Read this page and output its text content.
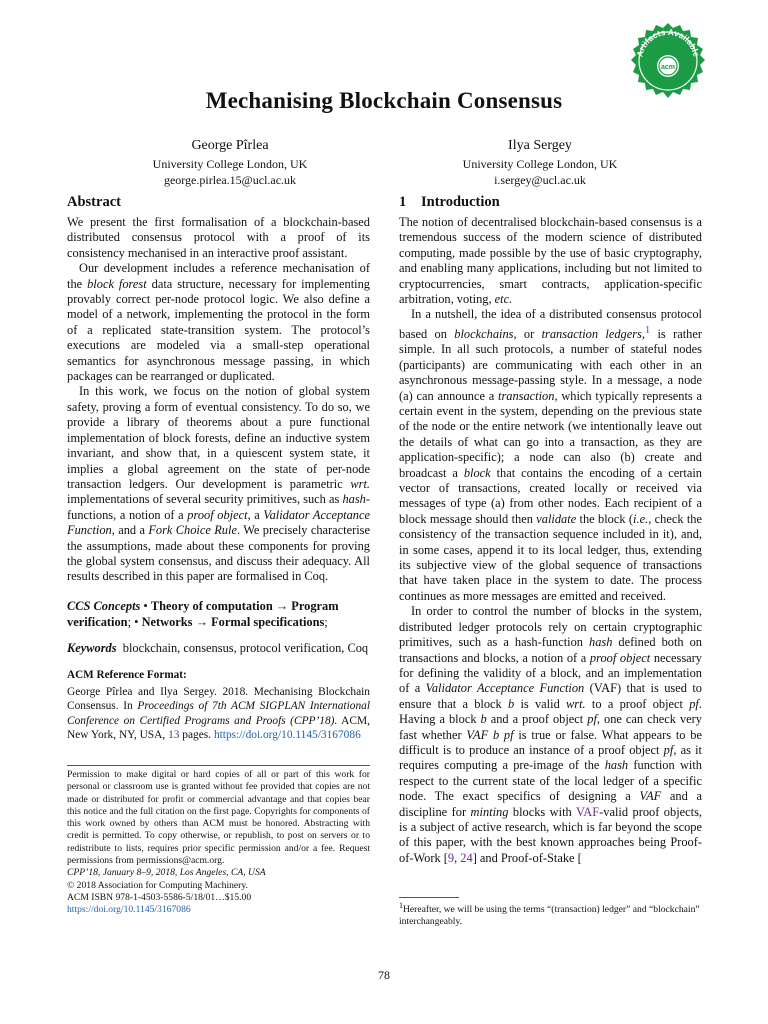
Mechanising Blockchain Consensus
Artifacts Available
acm
George Pîrlea
University College London, UK
george.pirlea.15@ucl.ac.uk
Ilya Sergey
University College London, UK
i.sergey@ucl.ac.uk
Abstract

We present the first formalisation of a blockchain-based distributed consensus protocol with a proof of its consistency mechanised in an interactive proof assistant.

Our development includes a reference mechanisation of the block forest data structure, necessary for implementing provably correct per-node protocol logic. We also define a model of a network, implementing the protocol in the form of a replicated state-transition system. The protocol’s executions are modeled via a small-step operational semantics for asynchronous message passing, in which packages can be rearranged or duplicated.

In this work, we focus on the notion of global system safety, proving a form of eventual consistency. To do so, we provide a library of theorems about a pure functional implementation of block forests, define an inductive system invariant, and show that, in a quiescent system state, it implies a global agreement on the state of per-node transaction ledgers. Our development is parametric wrt. implementations of several security primitives, such as hash-functions, a notion of a proof object, a Validator Acceptance Function, and a Fork Choice Rule. We precisely characterise the assumptions, made about these components for proving the global system consensus, and discuss their adequacy. All results described in this paper are formalised in Coq.

CCS Concepts • Theory of computation → Program verification; • Networks → Formal specifications;
Keywords blockchain, consensus, protocol verification, Coq
ACM Reference Format:
George Pîrlea and Ilya Sergey. 2018. Mechanising Blockchain Consensus. In Proceedings of 7th ACM SIGPLAN International Conference on Certified Programs and Proofs (CPP’18). ACM, New York, NY, USA, 13 pages. https://doi.org/10.1145/3167086
Permission to make digital or hard copies of all or part of this work for personal or classroom use is granted without fee provided that copies are not made or distributed for profit or commercial advantage and that copies bear this notice and the full citation on the first page. Copyrights for components of this work owned by others than ACM must be honored. Abstracting with credit is permitted. To copy otherwise, or republish, to post on servers or to redistribute to lists, requires prior specific permission and/or a fee. Request permissions from permissions@acm.org.
CPP’18, January 8–9, 2018, Los Angeles, CA, USA
© 2018 Association for Computing Machinery.
ACM ISBN 978-1-4503-5586-5/18/01…$15.00
https://doi.org/10.1145/3167086
1 Introduction

The notion of decentralised blockchain-based consensus is a tremendous success of the modern science of distributed computing, made possible by the use of basic cryptography, and enabling many applications, including but not limited to cryptocurrencies, smart contracts, application-specific arbitration, voting, etc.

In a nutshell, the idea of a distributed consensus protocol based on blockchains, or transaction ledgers,$^1$ is rather simple. In all such protocols, a number of stateful nodes (participants) are communicating with each other in an asynchronous message-passing style. In a message, a node (a) can announce a transaction, which typically represents a certain event in the system, depending on the previous state of the node or the entire network (we intentionally leave out the details of what can go into a transaction, as they are application-specific); a node can also (b) create and broadcast a block that contains the encoding of a certain vector of transactions, created locally or received via messages of type (a) from other nodes. Each recipient of a block message should then validate the block (i.e., check the consistency of the transaction sequence included in it), and, in some cases, append it to its local ledger, thus, extending its subjective view of the global sequence of transactions that have taken place in the system to date. The process continues as more messages are emitted and received.

In order to control the number of blocks in the system, distributed ledger protocols rely on certain cryptographic primitives, such as a hash-function hash defined both on transactions and blocks, a notion of a proof object necessary for defining the validity of a block, and an implementation of a Validator Acceptance Function (VAF) that is used to ensure that a block b is valid wrt. to a proof object pf. Having a block b and a proof object pf, one can check very fast whether VAF b pf is true or false. What appears to be difficult is to produce an instance of a proof object pf, as it requires computing a pre-image of the hash function with respect to the current state of the local ledger of a specific node. The exact specifics of designing a VAF and a discipline for minting blocks with VAF-valid proof objects, is a subject of active research, which is far beyond the scope of this paper, with the best known approaches being Proof-of-Work [9, 24] and Proof-of-Stake [

$^1$Hereafter, we will be using the terms “(transaction) ledger” and “blockchain” interchangeably.
78
